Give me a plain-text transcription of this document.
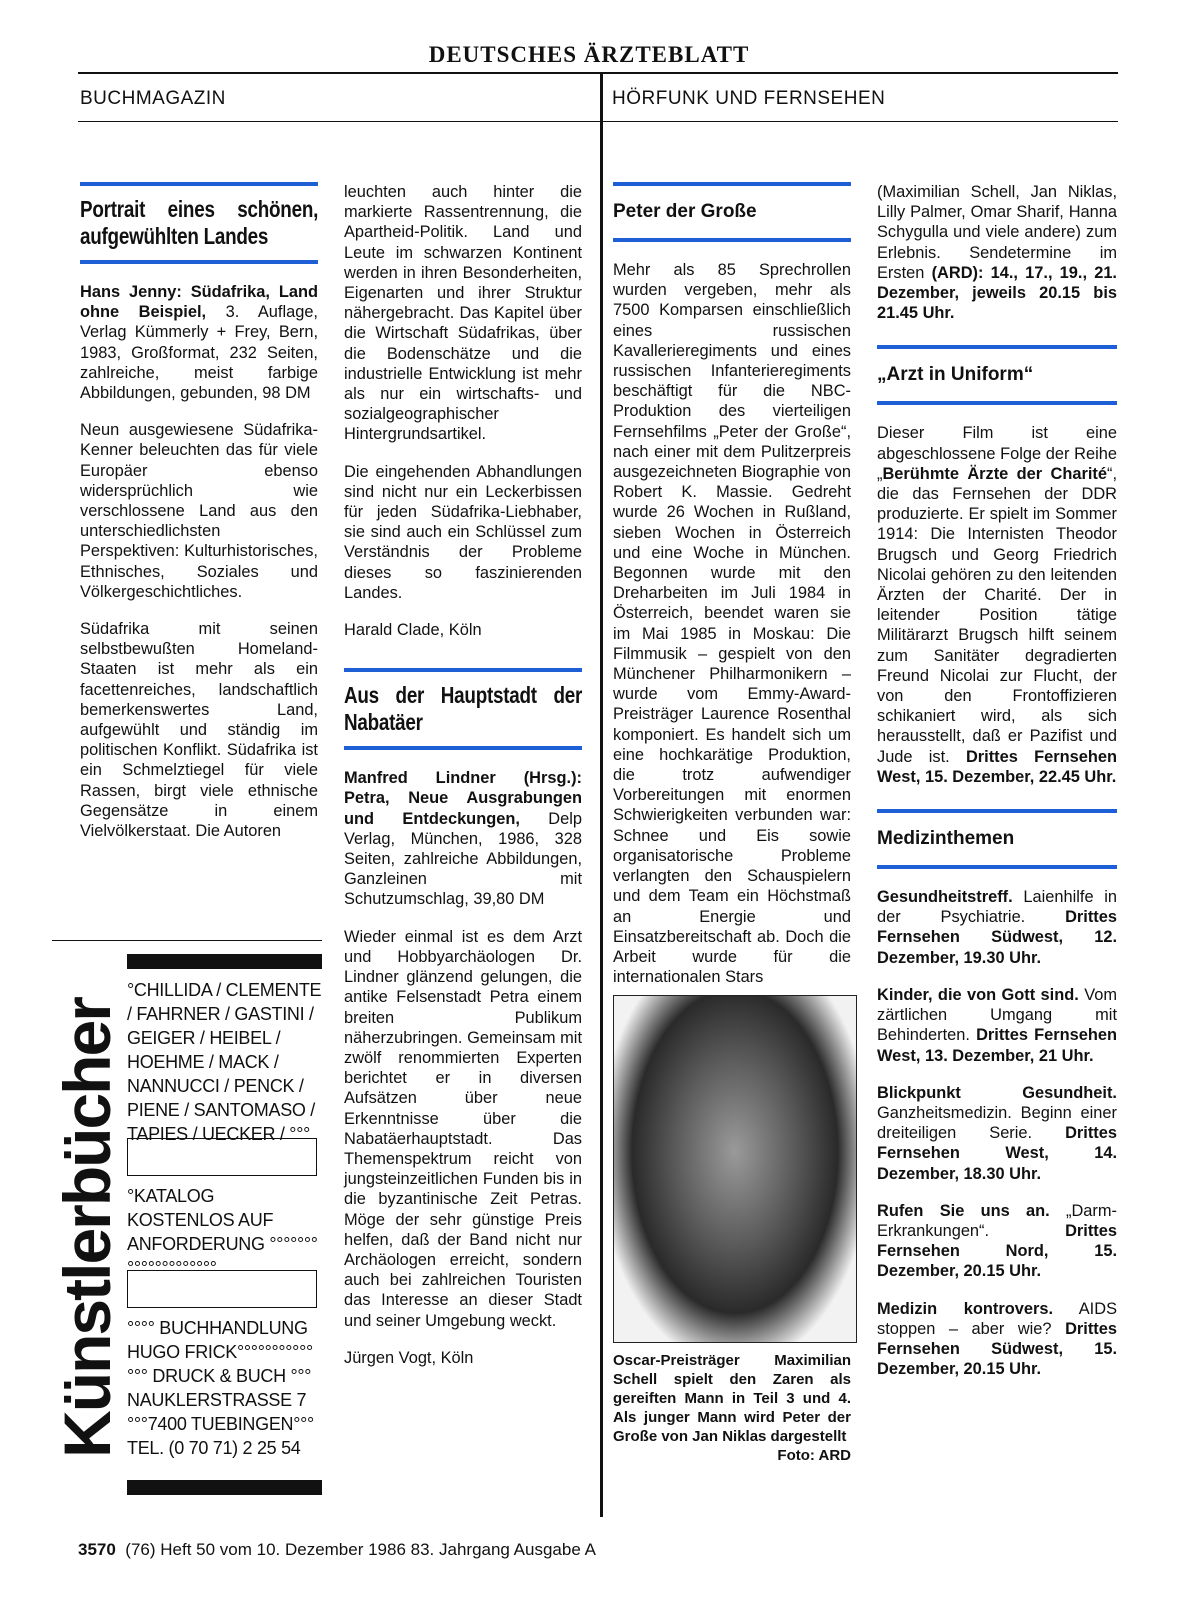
DEUTSCHES ÄRZTEBLATT
BUCHMAGAZIN	HÖRFUNK UND FERNSEHEN
Portrait eines schönen, aufgewühlten Landes

Hans Jenny: Südafrika, Land ohne Beispiel, 3. Auflage, Verlag Kümmerly + Frey, Bern, 1983, Großformat, 232 Seiten, zahlreiche, meist farbige Abbildungen, gebunden, 98 DM

Neun ausgewiesene Südafrika-Kenner beleuchten das für viele Europäer ebenso widersprüchlich wie verschlossene Land aus den unterschiedlichsten Perspektiven: Kulturhistorisches, Ethnisches, Soziales und Völkergeschichtliches.

Südafrika mit seinen selbstbewußten Homeland-Staaten ist mehr als ein facettenreiches, landschaftlich bemerkenswertes Land, aufgewühlt und ständig im politischen Konflikt. Südafrika ist ein Schmelztiegel für viele Rassen, birgt viele ethnische Gegensätze in einem Vielvölkerstaat. Die Autoren

Künstlerbücher
°CHILLIDA / CLEMENTE / FAHRNER / GASTINI / GEIGER / HEIBEL / HOEHME / MACK / NANNUCCI / PENCK / PIENE / SANTOMASO / TAPIES / UECKER / °°°
°KATALOG KOSTENLOS AUF ANFORDERUNG °°°°°°°°°°°°°°°°°°°°
°°°° BUCHHANDLUNG
HUGO FRICK°°°°°°°°°°°
°°° DRUCK & BUCH °°°
NAUKLERSTRASSE 7
°°°7400 TUEBINGEN°°°
TEL. (0 70 71) 2 25 54

leuchten auch hinter die markierte Rassentrennung, die Apartheid-Politik. Land und Leute im schwarzen Kontinent werden in ihren Besonderheiten, Eigenarten und ihrer Struktur nähergebracht. Das Kapitel über die Wirtschaft Südafrikas, über die Bodenschätze und die industrielle Entwicklung ist mehr als nur ein wirtschafts- und sozialgeographischer Hintergrundsartikel.

Die eingehenden Abhandlungen sind nicht nur ein Leckerbissen für jeden Südafrika-Liebhaber, sie sind auch ein Schlüssel zum Verständnis der Probleme dieses so faszinierenden Landes.

Harald Clade, Köln

Aus der Hauptstadt der Nabatäer

Manfred Lindner (Hrsg.): Petra, Neue Ausgrabungen und Entdeckungen, Delp Verlag, München, 1986, 328 Seiten, zahlreiche Abbildungen, Ganzleinen mit Schutzumschlag, 39,80 DM

Wieder einmal ist es dem Arzt und Hobbyarchäologen Dr. Lindner glänzend gelungen, die antike Felsenstadt Petra einem breiten Publikum näherzubringen. Gemeinsam mit zwölf renommierten Experten berichtet er in diversen Aufsätzen über neue Erkenntnisse über die Nabatäerhauptstadt. Das Themenspektrum reicht von jungsteinzeitlichen Funden bis in die byzantinische Zeit Petras. Möge der sehr günstige Preis helfen, daß der Band nicht nur Archäologen erreicht, sondern auch bei zahlreichen Touristen das Interesse an dieser Stadt und seiner Umgebung weckt.

Jürgen Vogt, Köln

Peter der Große

Mehr als 85 Sprechrollen wurden vergeben, mehr als 7500 Komparsen einschließlich eines russischen Kavallerieregiments und eines russischen Infanterieregiments beschäftigt für die NBC-Produktion des vierteiligen Fernsehfilms „Peter der Große“, nach einer mit dem Pulitzerpreis ausgezeichneten Biographie von Robert K. Massie. Gedreht wurde 26 Wochen in Rußland, sieben Wochen in Österreich und eine Woche in München. Begonnen wurde mit den Dreharbeiten im Juli 1984 in Österreich, beendet waren sie im Mai 1985 in Moskau: Die Filmmusik – gespielt von den Münchener Philharmonikern – wurde vom Emmy-Award-Preisträger Laurence Rosenthal komponiert. Es handelt sich um eine hochkarätige Produktion, die trotz aufwendiger Vorbereitungen mit enormen Schwierigkeiten verbunden war: Schnee und Eis sowie organisatorische Probleme verlangten den Schauspielern und dem Team ein Höchstmaß an Energie und Einsatzbereitschaft ab. Doch die Arbeit wurde für die internationalen Stars

Oscar-Preisträger Maximilian Schell spielt den Zaren als gereiften Mann in Teil 3 und 4. Als junger Mann wird Peter der Große von Jan Niklas dargestellt
Foto: ARD

(Maximilian Schell, Jan Niklas, Lilly Palmer, Omar Sharif, Hanna Schygulla und viele andere) zum Erlebnis. Sendetermine im Ersten (ARD): 14., 17., 19., 21. Dezember, jeweils 20.15 bis 21.45 Uhr.

„Arzt in Uniform“

Dieser Film ist eine abgeschlossene Folge der Reihe „Berühmte Ärzte der Charité“, die das Fernsehen der DDR produzierte. Er spielt im Sommer 1914: Die Internisten Theodor Brugsch und Georg Friedrich Nicolai gehören zu den leitenden Ärzten der Charité. Der in leitender Position tätige Militärarzt Brugsch hilft seinem zum Sanitäter degradierten Freund Nicolai zur Flucht, der von den Frontoffizieren schikaniert wird, als sich herausstellt, daß er Pazifist und Jude ist. Drittes Fernsehen West, 15. Dezember, 22.45 Uhr.

Medizinthemen

Gesundheitstreff. Laienhilfe in der Psychiatrie. Drittes Fernsehen Südwest, 12. Dezember, 19.30 Uhr.

Kinder, die von Gott sind. Vom zärtlichen Umgang mit Behinderten. Drittes Fernsehen West, 13. Dezember, 21 Uhr.

Blickpunkt Gesundheit. Ganzheitsmedizin. Beginn einer dreiteiligen Serie. Drittes Fernsehen West, 14. Dezember, 18.30 Uhr.

Rufen Sie uns an. „Darm-Erkrankungen“. Drittes Fernsehen Nord, 15. Dezember, 20.15 Uhr.

Medizin kontrovers. AIDS stoppen – aber wie? Drittes Fernsehen Südwest, 15. Dezember, 20.15 Uhr.

3570 (76) Heft 50 vom 10. Dezember 1986 83. Jahrgang Ausgabe A
